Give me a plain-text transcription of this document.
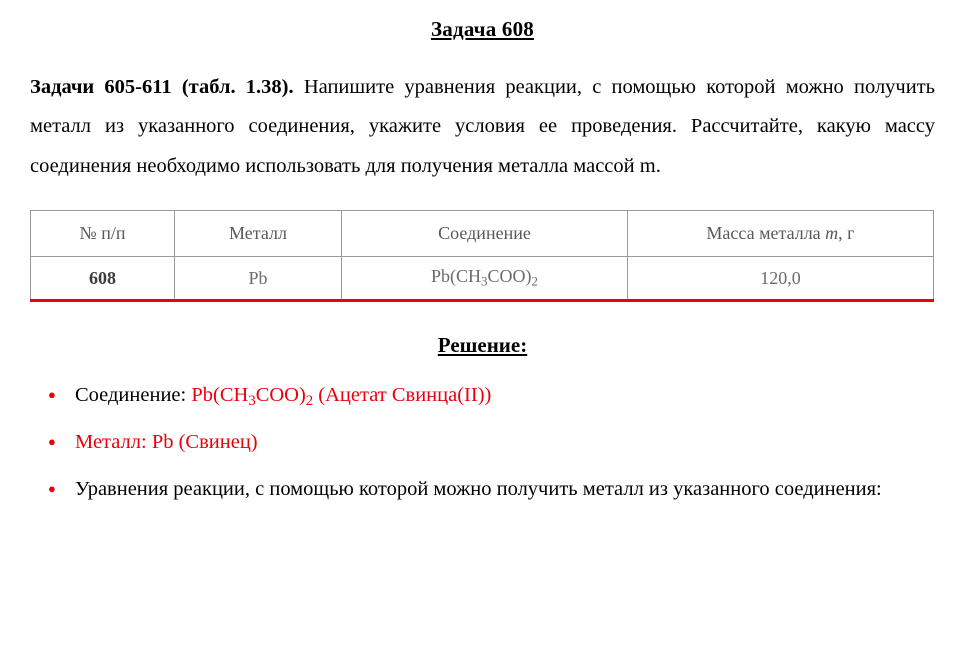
Задача 608

Задачи 605-611 (табл. 1.38). Напишите уравнения реакции, с помощью которой можно получить металл из указанного соединения, укажите условия ее проведения. Рассчитайте, какую массу соединения необходимо использовать для получения металла массой m.

№ п/п	Металл	Соединение	Масса металла m, г
608	Pb	$Pb(CH_3COO)_2$	120,0
Решение:
● Соединение: $Pb(CH_3COO)_2$ (Ацетат Свинца(II))
● Металл: Pb (Свинец)
● Уравнения реакции, с помощью которой можно получить металл из указанного соединения:
